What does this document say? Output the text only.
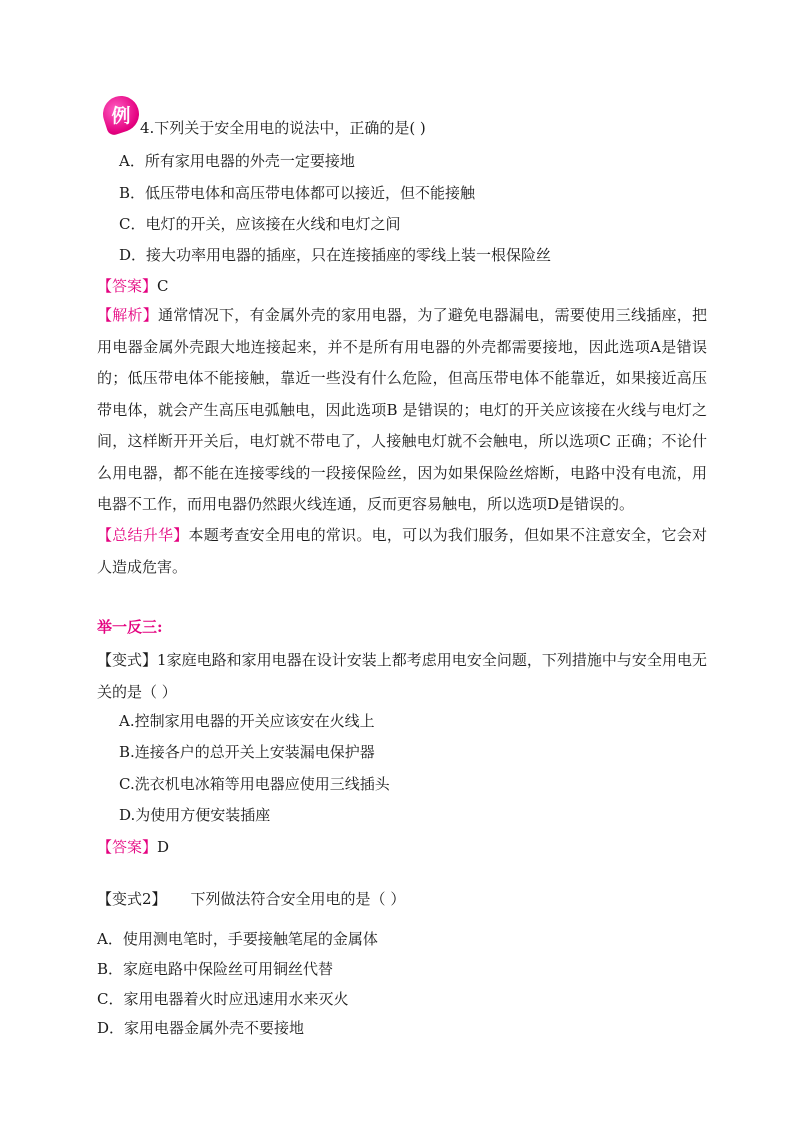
例
4.下列关于安全用电的说法中，正确的是( )
A．所有家用电器的外壳一定要接地
B．低压带电体和高压带电体都可以接近，但不能接触
C．电灯的开关，应该接在火线和电灯之间
D．接大功率用电器的插座，只在连接插座的零线上装一根保险丝
【答案】C
【解析】通常情况下，有金属外壳的家用电器，为了避免电器漏电，需要使用三线插座，把用电器金属外壳跟大地连接起来，并不是所有用电器的外壳都需要接地，因此选项A是错误的；低压带电体不能接触，靠近一些没有什么危险，但高压带电体不能靠近，如果接近高压带电体，就会产生高压电弧触电，因此选项B 是错误的；电灯的开关应该接在火线与电灯之间，这样断开开关后，电灯就不带电了，人接触电灯就不会触电，所以选项C 正确；不论什么用电器，都不能在连接零线的一段接保险丝，因为如果保险丝熔断，电路中没有电流，用电器不工作，而用电器仍然跟火线连通，反而更容易触电，所以选项D是错误的。
【总结升华】本题考查安全用电的常识。电，可以为我们服务，但如果不注意安全，它会对人造成危害。
举一反三:
【变式】1家庭电路和家用电器在设计安装上都考虑用电安全问题，下列措施中与安全用电无关的是（ ）
A.控制家用电器的开关应该安在火线上
B.连接各户的总开关上安装漏电保护器
C.洗衣机电冰箱等用电器应使用三线插头
D.为使用方便安装插座
【答案】D
【变式2】 下列做法符合安全用电的是（ ）
A．使用测电笔时，手要接触笔尾的金属体
B．家庭电路中保险丝可用铜丝代替
C．家用电器着火时应迅速用水来灭火
D．家用电器金属外壳不要接地
